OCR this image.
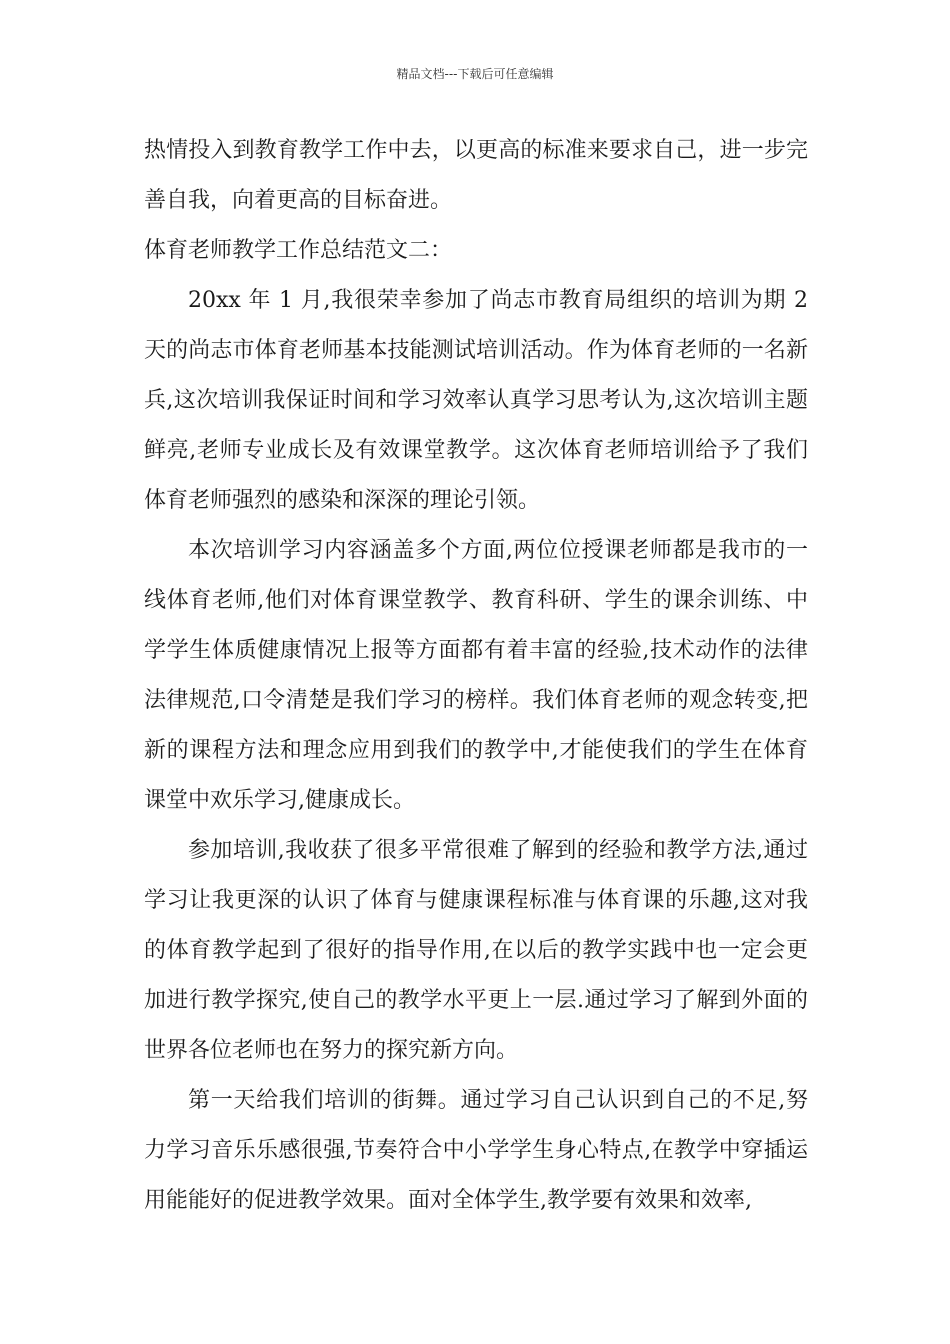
精品文档---下载后可任意编辑

热情投入到教育教学工作中去，以更高的标准来要求自己，进一步完善自我，向着更高的目标奋进。

体育老师教学工作总结范文二：

20xx 年 1 月,我很荣幸参加了尚志市教育局组织的培训为期 2 天的尚志市体育老师基本技能测试培训活动。作为体育老师的一名新兵,这次培训我保证时间和学习效率认真学习思考认为,这次培训主题鲜亮,老师专业成长及有效课堂教学。这次体育老师培训给予了我们体育老师强烈的感染和深深的理论引领。

本次培训学习内容涵盖多个方面,两位位授课老师都是我市的一线体育老师,他们对体育课堂教学、教育科研、学生的课余训练、中学学生体质健康情况上报等方面都有着丰富的经验,技术动作的法律法律规范,口令清楚是我们学习的榜样。我们体育老师的观念转变,把新的课程方法和理念应用到我们的教学中,才能使我们的学生在体育课堂中欢乐学习,健康成长。

参加培训,我收获了很多平常很难了解到的经验和教学方法,通过学习让我更深的认识了体育与健康课程标准与体育课的乐趣,这对我的体育教学起到了很好的指导作用,在以后的教学实践中也一定会更加进行教学探究,使自己的教学水平更上一层.通过学习了解到外面的世界各位老师也在努力的探究新方向。

第一天给我们培训的街舞。通过学习自己认识到自己的不足,努力学习音乐乐感很强,节奏符合中小学学生身心特点,在教学中穿插运用能能好的促进教学效果。面对全体学生,教学要有效果和效率,
